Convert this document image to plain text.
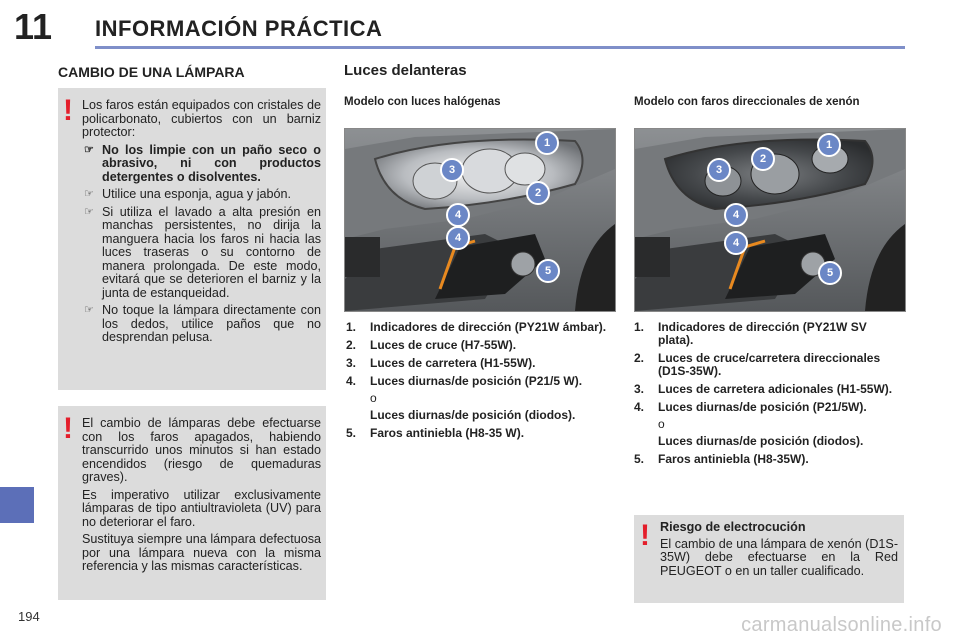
11 INFORMACIÓN PRÁCTICA
194	carmanualsonline.info
CAMBIO DE UNA LÁMPARA
! Los faros están equipados con cristales de policarbonato, cubiertos con un barniz protector:

☞ No los limpie con un paño seco o abrasivo, ni con productos detergentes o disolventes.
☞ Utilice una esponja, agua y jabón.
☞ Si utiliza el lavado a alta presión en manchas persistentes, no dirija la manguera hacia los faros ni hacia las luces traseras o su contorno de manera prolongada. De este modo, evitará que se deterioren el barniz y la junta de estanqueidad.
☞ No toque la lámpara directamente con los dedos, utilice paños que no desprendan pelusa.
! El cambio de lámparas debe efectuarse con los faros apagados, habiendo transcurrido unos minutos si han estado encendidos (riesgo de quemaduras graves).

Es imperativo utilizar exclusivamente lámparas de tipo antiultravioleta (UV) para no deteriorar el faro.

Sustituya siempre una lámpara defectuosa por una lámpara nueva con la misma referencia y las mismas características.

Luces delanteras
Modelo con luces halógenas	Modelo con faros direccionales de xenón
1
2
3
4
4
5
1
2
3
4
4
5
1. Indicadores de dirección (PY21W ámbar).
2. Luces de cruce (H7-55W).
3. Luces de carretera (H1-55W).
4. Luces diurnas/de posición (P21/5 W).
o
Luces diurnas/de posición (diodos).
5. Faros antiniebla (H8-35 W).
1. Indicadores de dirección (PY21W SV plata).
2. Luces de cruce/carretera direccionales (D1S-35W).
3. Luces de carretera adicionales (H1-55W).
4. Luces diurnas/de posición (P21/5W).
o
Luces diurnas/de posición (diodos).
5. Faros antiniebla (H8-35W).
! Riesgo de electrocución

El cambio de una lámpara de xenón (D1S-35W) debe efectuarse en la Red PEUGEOT o en un taller cualificado.
